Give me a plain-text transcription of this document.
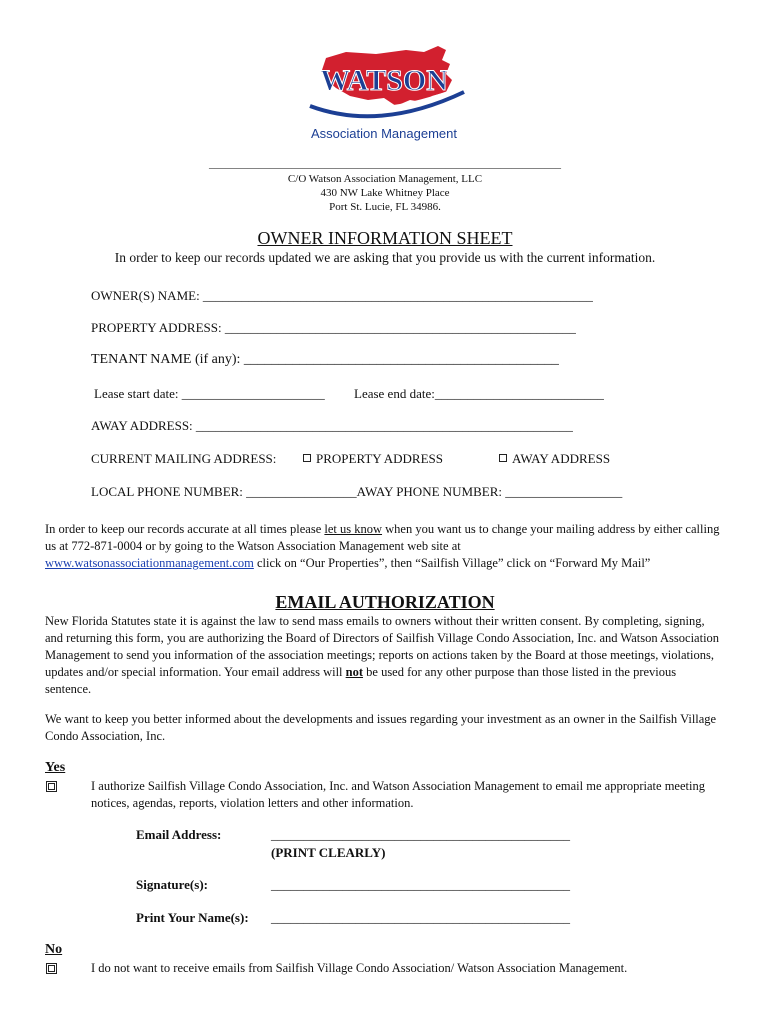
WATSON
Association Management
________________________________________________________________
C/O Watson Association Management, LLC
430 NW Lake Whitney Place
Port St. Lucie, FL 34986.
OWNER INFORMATION SHEET
In order to keep our records updated we are asking that you provide us with the current information.
OWNER(S) NAME: ____________________________________________________________
PROPERTY ADDRESS: ______________________________________________________
TENANT NAME (if any): _____________________________________________
Lease start date: ______________________ Lease end date:__________________________
AWAY ADDRESS: __________________________________________________________
CURRENT MAILING ADDRESS:	PROPERTY ADDRESS	AWAY ADDRESS
LOCAL PHONE NUMBER: _________________AWAY PHONE NUMBER: __________________
In order to keep our records accurate at all times please let us know when you want us to change your mailing address by either calling us at 772-871-0004 or by going to the Watson Association Management web site at
www.watsonassociationmanagement.com click on “Our Properties”, then “Sailfish Village” click on “Forward My Mail”
EMAIL AUTHORIZATION
New Florida Statutes state it is against the law to send mass emails to owners without their written consent. By completing, signing, and returning this form, you are authorizing the Board of Directors of Sailfish Village Condo Association, Inc. and Watson Association Management to send you information of the association meetings; reports on actions taken by the Board at those meetings, violations, updates and/or special information. Your email address will not be used for any other purpose than those listed in the previous sentence.
We want to keep you better informed about the developments and issues regarding your investment as an owner in the Sailfish Village Condo Association, Inc.
Yes
I authorize Sailfish Village Condo Association, Inc. and Watson Association Management to email me appropriate meeting notices, agendas, reports, violation letters and other information.
Email Address:	______________________________________________
(PRINT CLEARLY)
Signature(s):	______________________________________________
Print Your Name(s): ______________________________________________
No
I do not want to receive emails from Sailfish Village Condo Association/ Watson Association Management.
